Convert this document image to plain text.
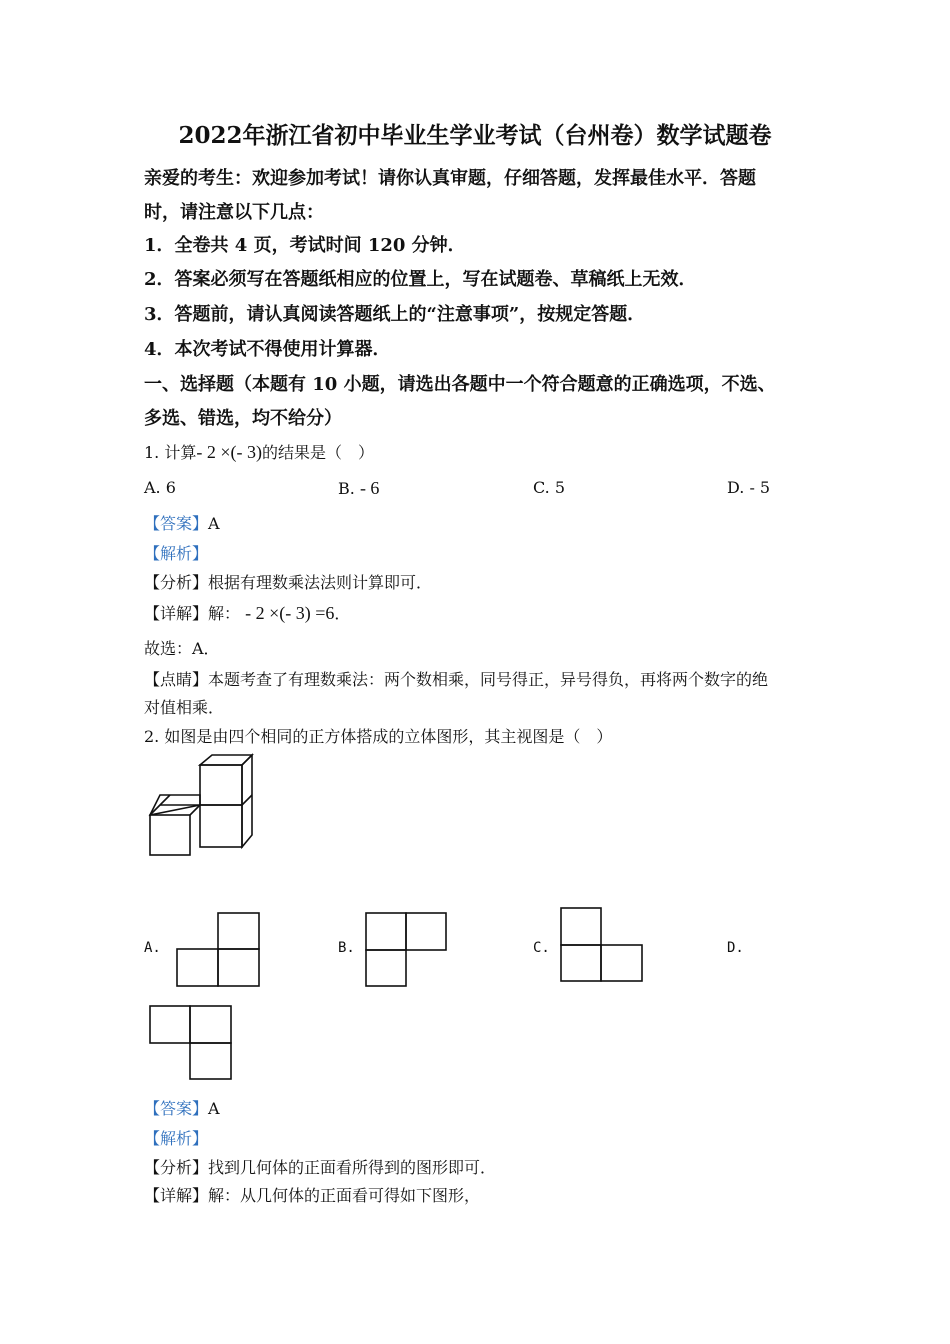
2022年浙江省初中毕业生学业考试（台州卷）数学试题卷
亲爱的考生：欢迎参加考试！请你认真审题，仔细答题，发挥最佳水平．答题
时，请注意以下几点：
1．全卷共 4 页，考试时间 120 分钟．
2．答案必须写在答题纸相应的位置上，写在试题卷、草稿纸上无效．
3．答题前，请认真阅读答题纸上的“注意事项”，按规定答题．
4．本次考试不得使用计算器．
一、选择题（本题有 10 小题，请选出各题中一个符合题意的正确选项，不选、
多选、错选，均不给分）
1. 计算- 2 ×(- 3)的结果是（　）
A. 6	B. - 6	C. 5	D. - 5
【答案】A
【解析】
【分析】根据有理数乘法法则计算即可．
【详解】解： - 2 ×(- 3) =6．
故选：A．
【点睛】本题考查了有理数乘法：两个数相乘，同号得正，异号得负，再将两个数字的绝
对值相乘．
2. 如图是由四个相同的正方体搭成的立体图形，其主视图是（　）
A.	B.	C.	D.
【答案】A
【解析】
【分析】找到几何体的正面看所得到的图形即可．
【详解】解：从几何体的正面看可得如下图形，
